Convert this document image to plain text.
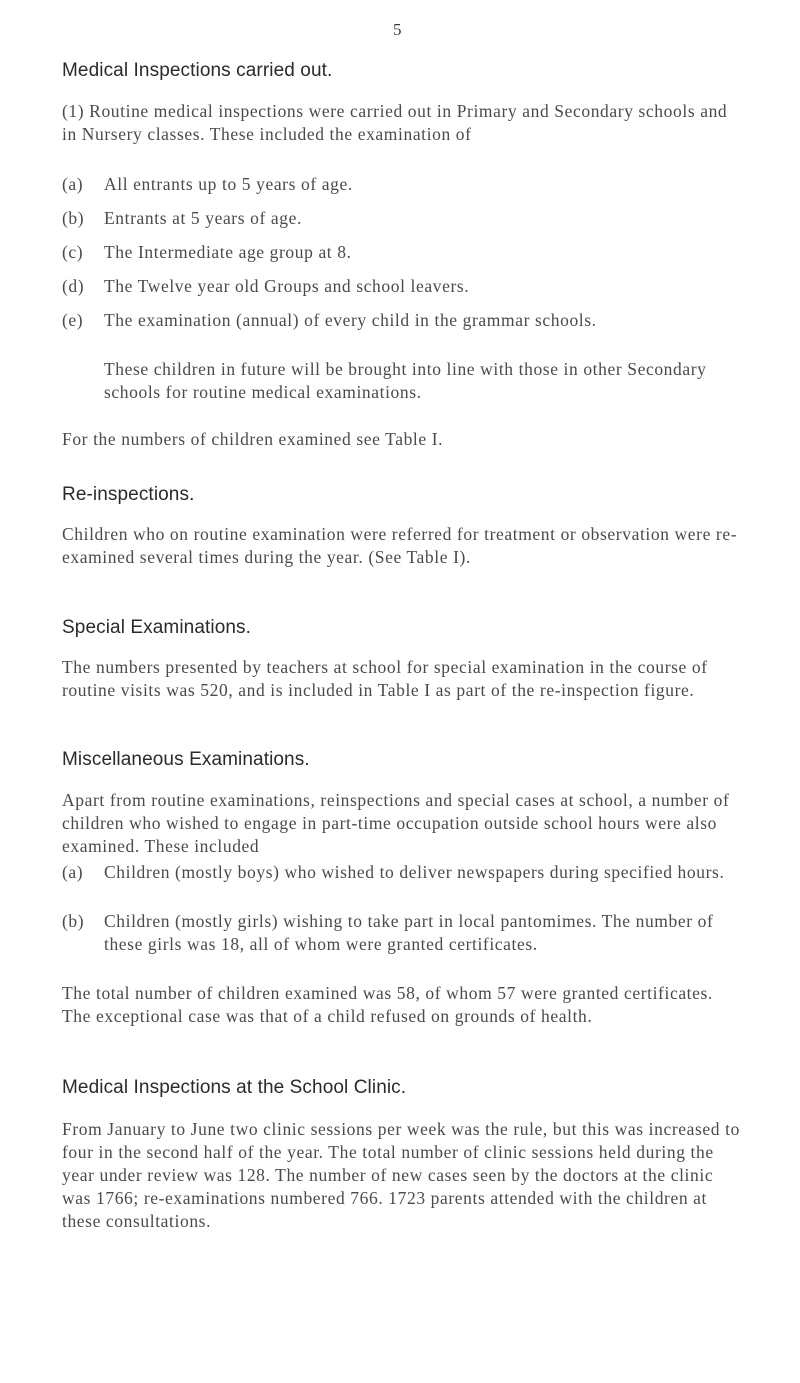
5
Medical Inspections carried out.

(1) Routine medical inspections were carried out in Primary and Secondary schools and in Nursery classes. These included the examination of

(a)	All entrants up to 5 years of age.
(b)	Entrants at 5 years of age.
(c)	The Intermediate age group at 8.
(d)	The Twelve year old Groups and school leavers.
(e)	The examination (annual) of every child in the grammar schools.

These children in future will be brought into line with those in other Secondary schools for routine medical examinations.

For the numbers of children examined see Table I.

Re-inspections.

Children who on routine examination were referred for treatment or observation were re-examined several times during the year. (See Table I).

Special Examinations.

The numbers presented by teachers at school for special examination in the course of routine visits was 520, and is included in Table I as part of the re-inspection figure.

Miscellaneous Examinations.

Apart from routine examinations, reinspections and special cases at school, a number of children who wished to engage in part-time occupation outside school hours were also examined. These included

(a)	Children (mostly boys) who wished to deliver newspapers during specified hours.
(b)	Children (mostly girls) wishing to take part in local pantomimes. The number of these girls was 18, all of whom were granted certificates.

The total number of children examined was 58, of whom 57 were granted certificates. The exceptional case was that of a child refused on grounds of health.

Medical Inspections at the School Clinic.

From January to June two clinic sessions per week was the rule, but this was increased to four in the second half of the year. The total number of clinic sessions held during the year under review was 128. The number of new cases seen by the doctors at the clinic was 1766; re-examinations numbered 766. 1723 parents attended with the children at these consultations.
